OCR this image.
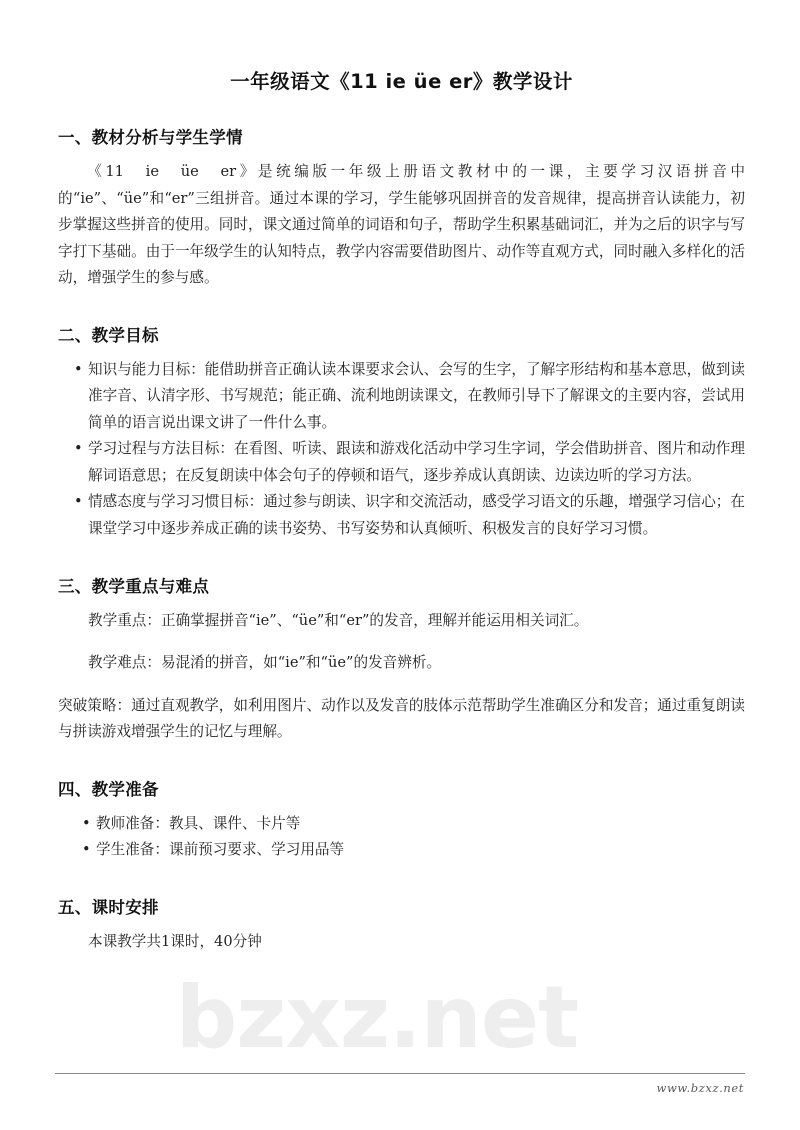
bzxz.net
一年级语文《11 ie üe er》教学设计
一、教材分析与学生学情

《11　ie　üe　er》是统编版一年级上册语文教材中的一课，主要学习汉语拼音中的“ie”、“üe”和“er”三组拼音。通过本课的学习，学生能够巩固拼音的发音规律，提高拼音认读能力，初步掌握这些拼音的使用。同时，课文通过简单的词语和句子，帮助学生积累基础词汇，并为之后的识字与写字打下基础。由于一年级学生的认知特点，教学内容需要借助图片、动作等直观方式，同时融入多样化的活动，增强学生的参与感。

二、教学目标
• 知识与能力目标：能借助拼音正确认读本课要求会认、会写的生字，了解字形结构和基本意思，做到读准字音、认清字形、书写规范；能正确、流利地朗读课文，在教师引导下了解课文的主要内容，尝试用简单的语言说出课文讲了一件什么事。
• 学习过程与方法目标：在看图、听读、跟读和游戏化活动中学习生字词，学会借助拼音、图片和动作理解词语意思；在反复朗读中体会句子的停顿和语气，逐步养成认真朗读、边读边听的学习方法。
• 情感态度与学习习惯目标：通过参与朗读、识字和交流活动，感受学习语文的乐趣，增强学习信心；在课堂学习中逐步养成正确的读书姿势、书写姿势和认真倾听、积极发言的良好学习习惯。
三、教学重点与难点

教学重点：正确掌握拼音“ie”、“üe”和“er”的发音，理解并能运用相关词汇。

教学难点：易混淆的拼音，如“ie”和“üe”的发音辨析。

突破策略：通过直观教学，如利用图片、动作以及发音的肢体示范帮助学生准确区分和发音；通过重复朗读与拼读游戏增强学生的记忆与理解。

四、教学准备
• 教师准备：教具、课件、卡片等
• 学生准备：课前预习要求、学习用品等
五、课时安排

本课教学共1课时，40分钟

www.bzxz.net
